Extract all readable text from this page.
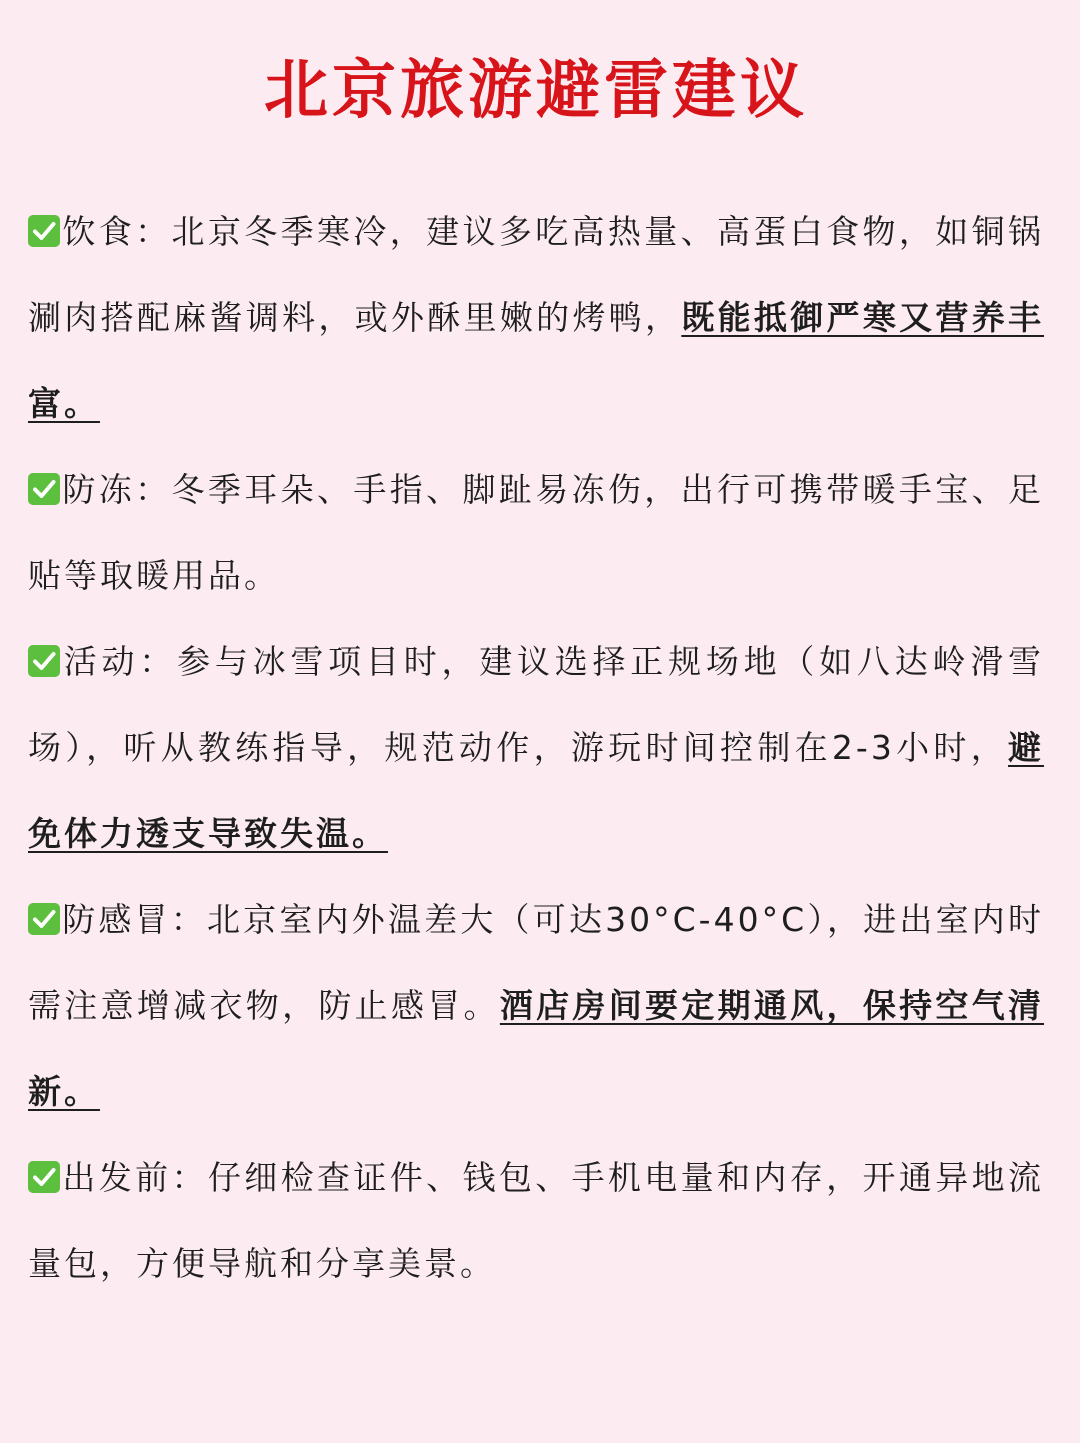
北京旅游避雷建议

饮食：北京冬季寒冷，建议多吃高热量、高蛋白食物，如铜锅涮肉搭配麻酱调料，或外酥里嫩的烤鸭，既能抵御严寒又营养丰富。

防冻：冬季耳朵、手指、脚趾易冻伤，出行可携带暖手宝、足贴等取暖用品。

活动：参与冰雪项目时，建议选择正规场地（如八达岭滑雪场），听从教练指导，规范动作，游玩时间控制在2-3小时，避免体力透支导致失温。

防感冒：北京室内外温差大（可达30°C-40°C），进出室内时需注意增减衣物，防止感冒。酒店房间要定期通风，保持空气清新。

出发前：仔细检查证件、钱包、手机电量和内存，开通异地流量包，方便导航和分享美景。
